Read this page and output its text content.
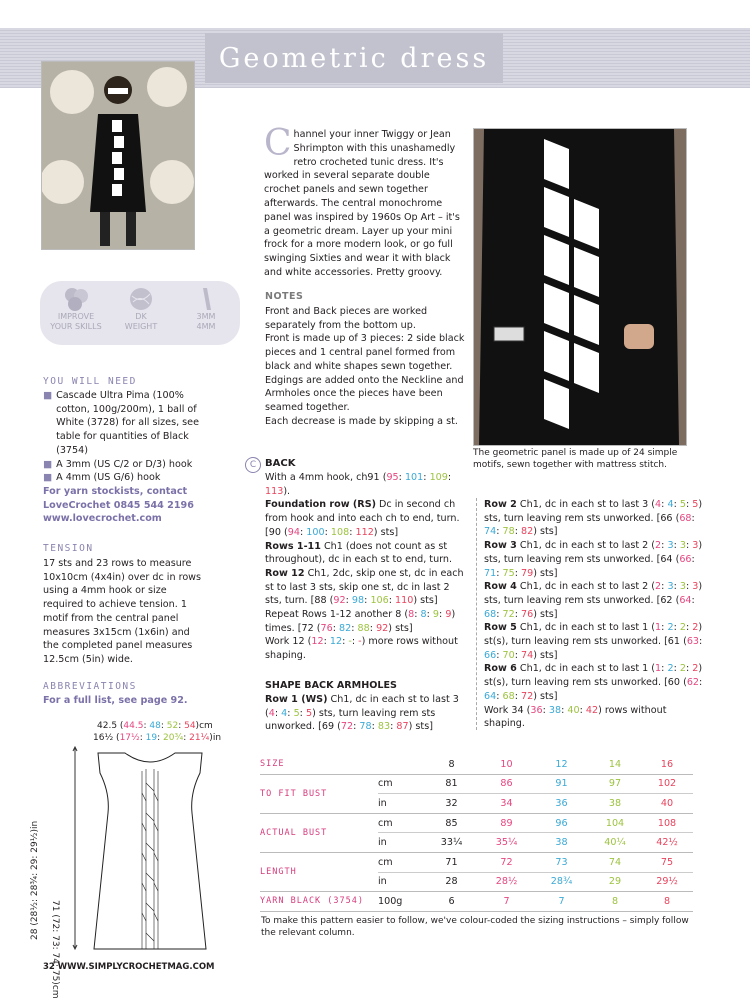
Geometric dress
IMPROVE
YOUR SKILLS
DK
WEIGHT
3MM
4MM
YOU WILL NEED
■ Cascade Ultra Pima (100% cotton, 100g/200m), 1 ball of White (3728) for all sizes, see table for quantities of Black (3754)
■ A 3mm (US C/2 or D/3) hook
■ A 4mm (US G/6) hook
For yarn stockists, contact
LoveCrochet 0845 544 2196
www.lovecrochet.com
TENSION
17 sts and 23 rows to measure 10x10cm (4x4in) over dc in rows using a 4mm hook or size required to achieve tension. 1 motif from the central panel measures 3x15cm (1x6in) and the completed panel measures 12.5cm (5in) wide.
ABBREVIATIONS
For a full list, see page 92.
42.5 (44.5: 48: 52: 54)cm
16½ (17½: 19: 20¾: 21¼)in
28 (28½: 28¾: 29: 29½)in
71 (72: 73: 74: 75)cm
Channel your inner Twiggy or Jean Shrimpton with this unashamedly retro crocheted tunic dress. It's worked in several separate double crochet panels and sewn together afterwards. The central monochrome panel was inspired by 1960s Op Art – it's a geometric dream. Layer up your mini frock for a more modern look, or go full swinging Sixties and wear it with black and white accessories. Pretty groovy.
NOTES
Front and Back pieces are worked separately from the bottom up.
Front is made up of 3 pieces: 2 side black pieces and 1 central panel formed from black and white shapes sewn together.
Edgings are added onto the Neckline and Armholes once the pieces have been seamed together.
Each decrease is made by skipping a st.
C BACK
With a 4mm hook, ch91 (95: 101: 109: 113).
Foundation row (RS) Dc in second ch from hook and into each ch to end, turn. [90 (94: 100: 108: 112) sts]
Rows 1-11 Ch1 (does not count as st throughout), dc in each st to end, turn.
Row 12 Ch1, 2dc, skip one st, dc in each st to last 3 sts, skip one st, dc in last 2 sts, turn. [88 (92: 98: 106: 110) sts]
Repeat Rows 1-12 another 8 (8: 8: 9: 9) times. [72 (76: 82: 88: 92) sts]
Work 12 (12: 12: -: -) more rows without shaping.
SHAPE BACK ARMHOLES
Row 1 (WS) Ch1, dc in each st to last 3 (4: 4: 5: 5) sts, turn leaving rem sts unworked. [69 (72: 78: 83: 87) sts]
The geometric panel is made up of 24 simple motifs, sewn together with mattress stitch.
Row 2 Ch1, dc in each st to last 3 (4: 4: 5: 5) sts, turn leaving rem sts unworked. [66 (68: 74: 78: 82) sts]
Row 3 Ch1, dc in each st to last 2 (2: 3: 3: 3) sts, turn leaving rem sts unworked. [64 (66: 71: 75: 79) sts]
Row 4 Ch1, dc in each st to last 2 (2: 3: 3: 3) sts, turn leaving rem sts unworked. [62 (64: 68: 72: 76) sts]
Row 5 Ch1, dc in each st to last 1 (1: 2: 2: 2) st(s), turn leaving rem sts unworked. [61 (63: 66: 70: 74) sts]
Row 6 Ch1, dc in each st to last 1 (1: 2: 2: 2) st(s), turn leaving rem sts unworked. [60 (62: 64: 68: 72) sts]
Work 34 (36: 38: 40: 42) rows without shaping.
SIZE		8	10	12	14	16
TO FIT BUST	cm	81	86	91	97	102
	in	32	34	36	38	40
ACTUAL BUST	cm	85	89	96	104	108
	in	33¼	35¼	38	40¼	42½
LENGTH	cm	71	72	73	74	75
	in	28	28½	28¾	29	29½
YARN BLACK (3754)	100g	6	7	7	8	8
To make this pattern easier to follow, we've colour-coded the sizing instructions – simply follow the relevant column.
32 WWW.SIMPLYCROCHETMAG.COM
